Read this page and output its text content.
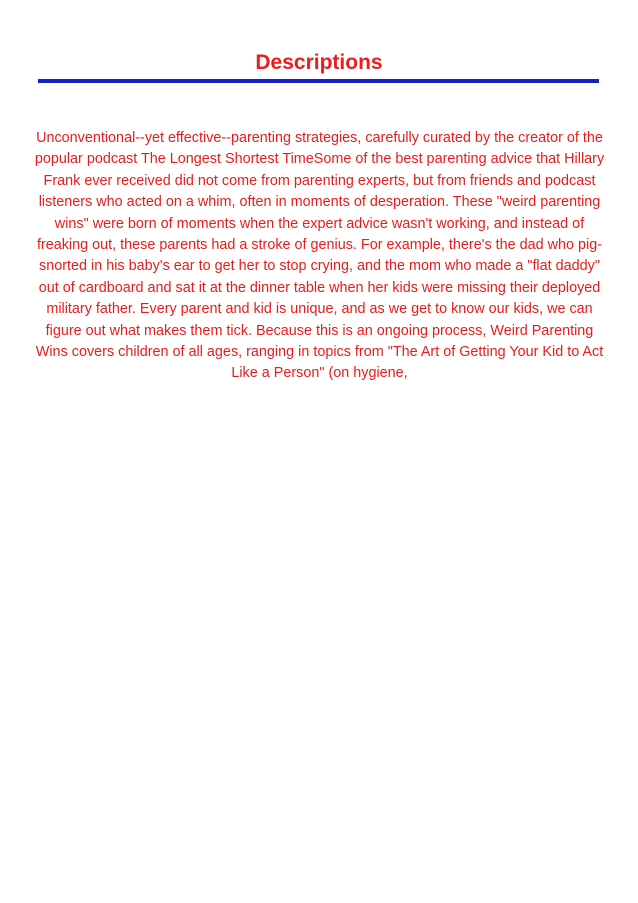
Descriptions

Unconventional--yet effective--parenting strategies, carefully curated by the creator of the popular podcast The Longest Shortest TimeSome of the best parenting advice that Hillary Frank ever received did not come from parenting experts, but from friends and podcast listeners who acted on a whim, often in moments of desperation. These "weird parenting wins" were born of moments when the expert advice wasn't working, and instead of freaking out, these parents had a stroke of genius. For example, there's the dad who pig-snorted in his baby's ear to get her to stop crying, and the mom who made a "flat daddy" out of cardboard and sat it at the dinner table when her kids were missing their deployed military father. Every parent and kid is unique, and as we get to know our kids, we can figure out what makes them tick. Because this is an ongoing process, Weird Parenting Wins covers children of all ages, ranging in topics from "The Art of Getting Your Kid to Act Like a Person" (on hygiene,
